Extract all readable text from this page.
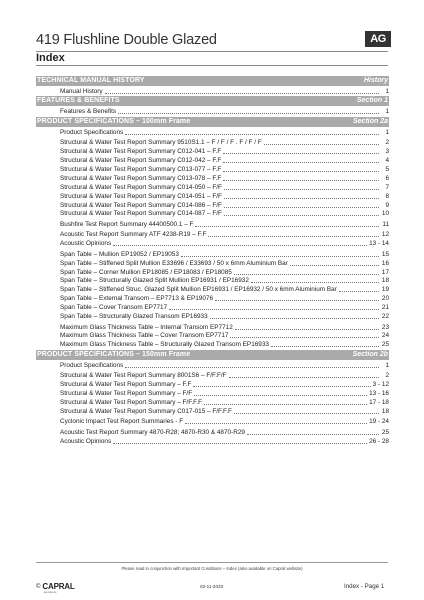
419 Flushline Double Glazed	AG
Index
TECHNICAL MANUAL HISTORY	History
Manual History	1
FEATURES & BENEFITS	Section 1
Features & Benefits	1
PRODUCT SPECIFICATIONS – 100mm Frame	Section 2a
Product Specifications	1
Structural & Water Test Report Summary 9510S1.1 – F / F / F . F / F / F	2
Structural & Water Test Report Summary C012-041 – F.F	3
Structural & Water Test Report Summary C012-042 – F.F	4
Structural & Water Test Report Summary C013-077 – F.F	5
Structural & Water Test Report Summary C013-078 – F.F	6
Structural & Water Test Report Summary C014-050 – F/F	7
Structural & Water Test Report Summary C014-051 – F/F	8
Structural & Water Test Report Summary C014-086 – F/F	9
Structural & Water Test Report Summary C014-087 – F/F	10
Bushfire Test Report Summary 44400500.1 – F	11
Acoustic Test Report Summary ATF 4238-R19 – F.F	12
Acoustic Opinions	13 - 14
Span Table – Mullion EP19052 / EP19053	15
Span Table – Stiffened Split Mullion E33696 / E33693 / 50 x 6mm Aluminium Bar	16
Span Table – Corner Mullion EP18085 / EP18083 / EP18085	17
Span Table – Structurally Glazed Split Mullion EP16931 / EP16932	18
Span Table – Stiffened Struc. Glazed Split Mullion EP16931 / EP16932 / 50 x 6mm Aluminium Bar	19
Span Table – External Transom – EP7713 & EP19076	20
Span Table – Cover Transom EP7717	21
Span Table – Structurally Glazed Transom EP16933	22
Maximum Glass Thickness Table – Internal Transom EP7712	23
Maximum Glass Thickness Table – Cover Transom EP7717	24
Maximum Glass Thickness Table – Structurally Glazed Transom EP16933	25
PRODUCT SPECIFICATIONS – 150mm Frame	Section 2b
Product Specifications	1
Structural & Water Test Report Summary 8001S6 – F/F.F/F	2
Structural & Water Test Report Summary – F.F	3 - 12
Structural & Water Test Report Summary – F/F	13 - 16
Structural & Water Test Report Summary – F/F.F.F	17 - 18
Structural & Water Test Report Summary C017-015 – F/F.F.F	18
Cyclonic Impact Test Report Summaries - F	19 - 24
Acoustic Test Report Summary 4870-R28; 4870-R30 & 4870-R29	25
Acoustic Opinions	26 - 28
Please read in conjunction with Important Conditions – Index (also available on Capral website)
© CAPRAL
ALUMINIUM
03-11-2020	Index - Page 1
